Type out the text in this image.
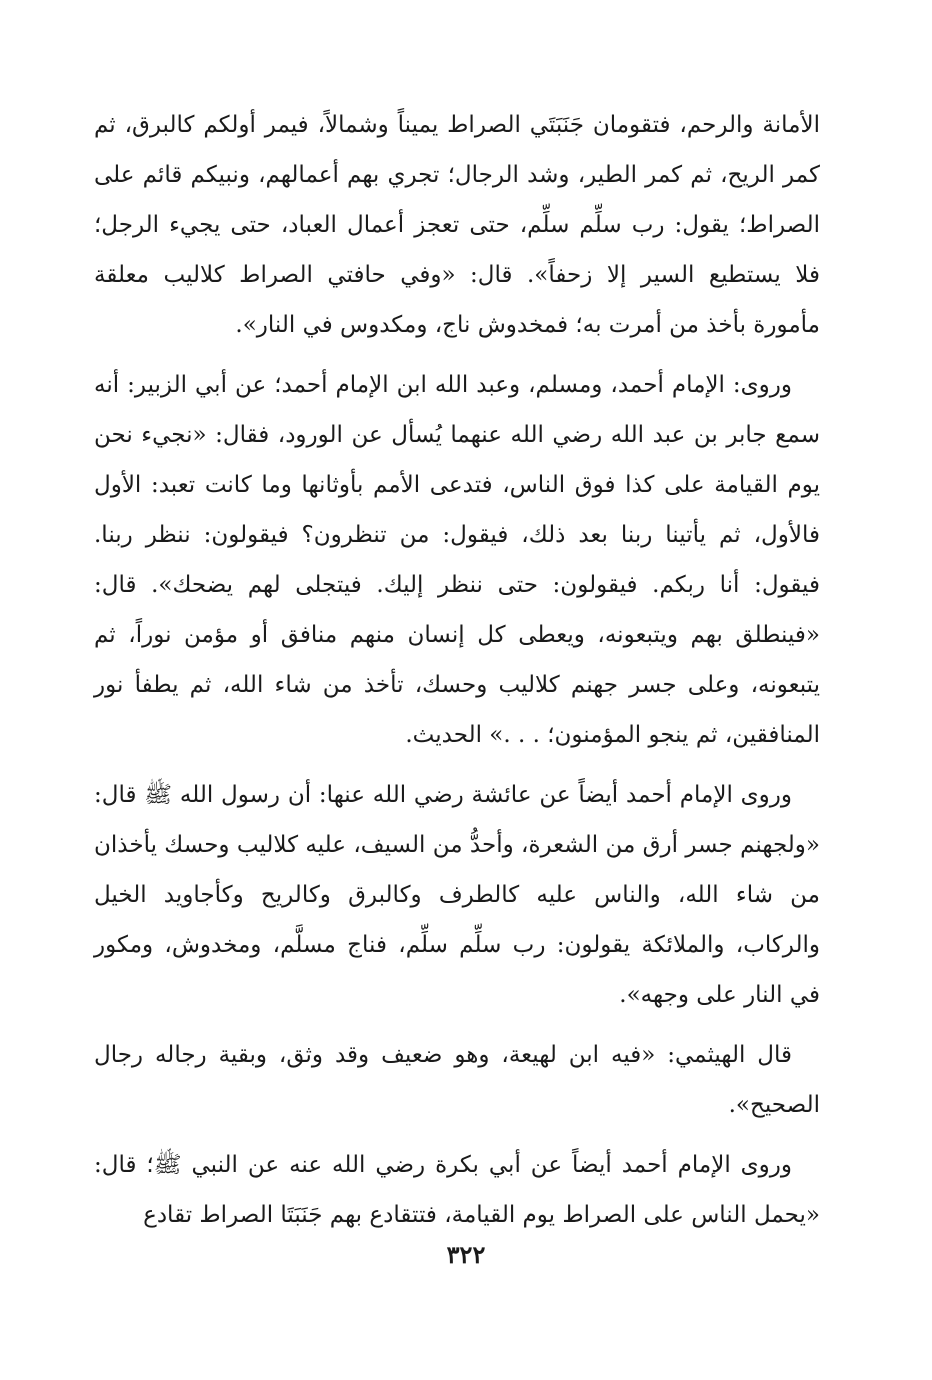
الأمانة والرحم، فتقومان جَنَبَتَي الصراط يميناً وشمالاً، فيمر أولكم كالبرق، ثم كمر الريح، ثم كمر الطير، وشد الرجال؛ تجري بهم أعمالهم، ونبيكم قائم على الصراط؛ يقول: رب سلِّم سلِّم، حتى تعجز أعمال العباد، حتى يجيء الرجل؛ فلا يستطيع السير إلا زحفاً». قال: «وفي حافتي الصراط كلاليب معلقة مأمورة بأخذ من أمرت به؛ فمخدوش ناج، ومكدوس في النار».

وروى: الإمام أحمد، ومسلم، وعبد الله ابن الإمام أحمد؛ عن أبي الزبير: أنه سمع جابر بن عبد الله رضي الله عنهما يُسأل عن الورود، فقال: «نجيء نحن يوم القيامة على كذا فوق الناس، فتدعى الأمم بأوثانها وما كانت تعبد: الأول فالأول، ثم يأتينا ربنا بعد ذلك، فيقول: من تنظرون؟ فيقولون: ننظر ربنا. فيقول: أنا ربكم. فيقولون: حتى ننظر إليك. فيتجلى لهم يضحك». قال: «فينطلق بهم ويتبعونه، ويعطى كل إنسان منهم منافق أو مؤمن نوراً، ثم يتبعونه، وعلى جسر جهنم كلاليب وحسك، تأخذ من شاء الله، ثم يطفأ نور المنافقين، ثم ينجو المؤمنون؛ . . .» الحديث.

وروى الإمام أحمد أيضاً عن عائشة رضي الله عنها: أن رسول الله ﷺ قال: «ولجهنم جسر أرق من الشعرة، وأحدُّ من السيف، عليه كلاليب وحسك يأخذان من شاء الله، والناس عليه كالطرف وكالبرق وكالريح وكأجاويد الخيل والركاب، والملائكة يقولون: رب سلِّم سلِّم، فناج مسلَّم، ومخدوش، ومكور في النار على وجهه».

قال الهيثمي: «فيه ابن لهيعة، وهو ضعيف وقد وثق، وبقية رجاله رجال الصحيح».

وروى الإمام أحمد أيضاً عن أبي بكرة رضي الله عنه عن النبي ﷺ؛ قال: «يحمل الناس على الصراط يوم القيامة، فتتقادع بهم جَنَبَتَا الصراط تقادع

٣٢٢
